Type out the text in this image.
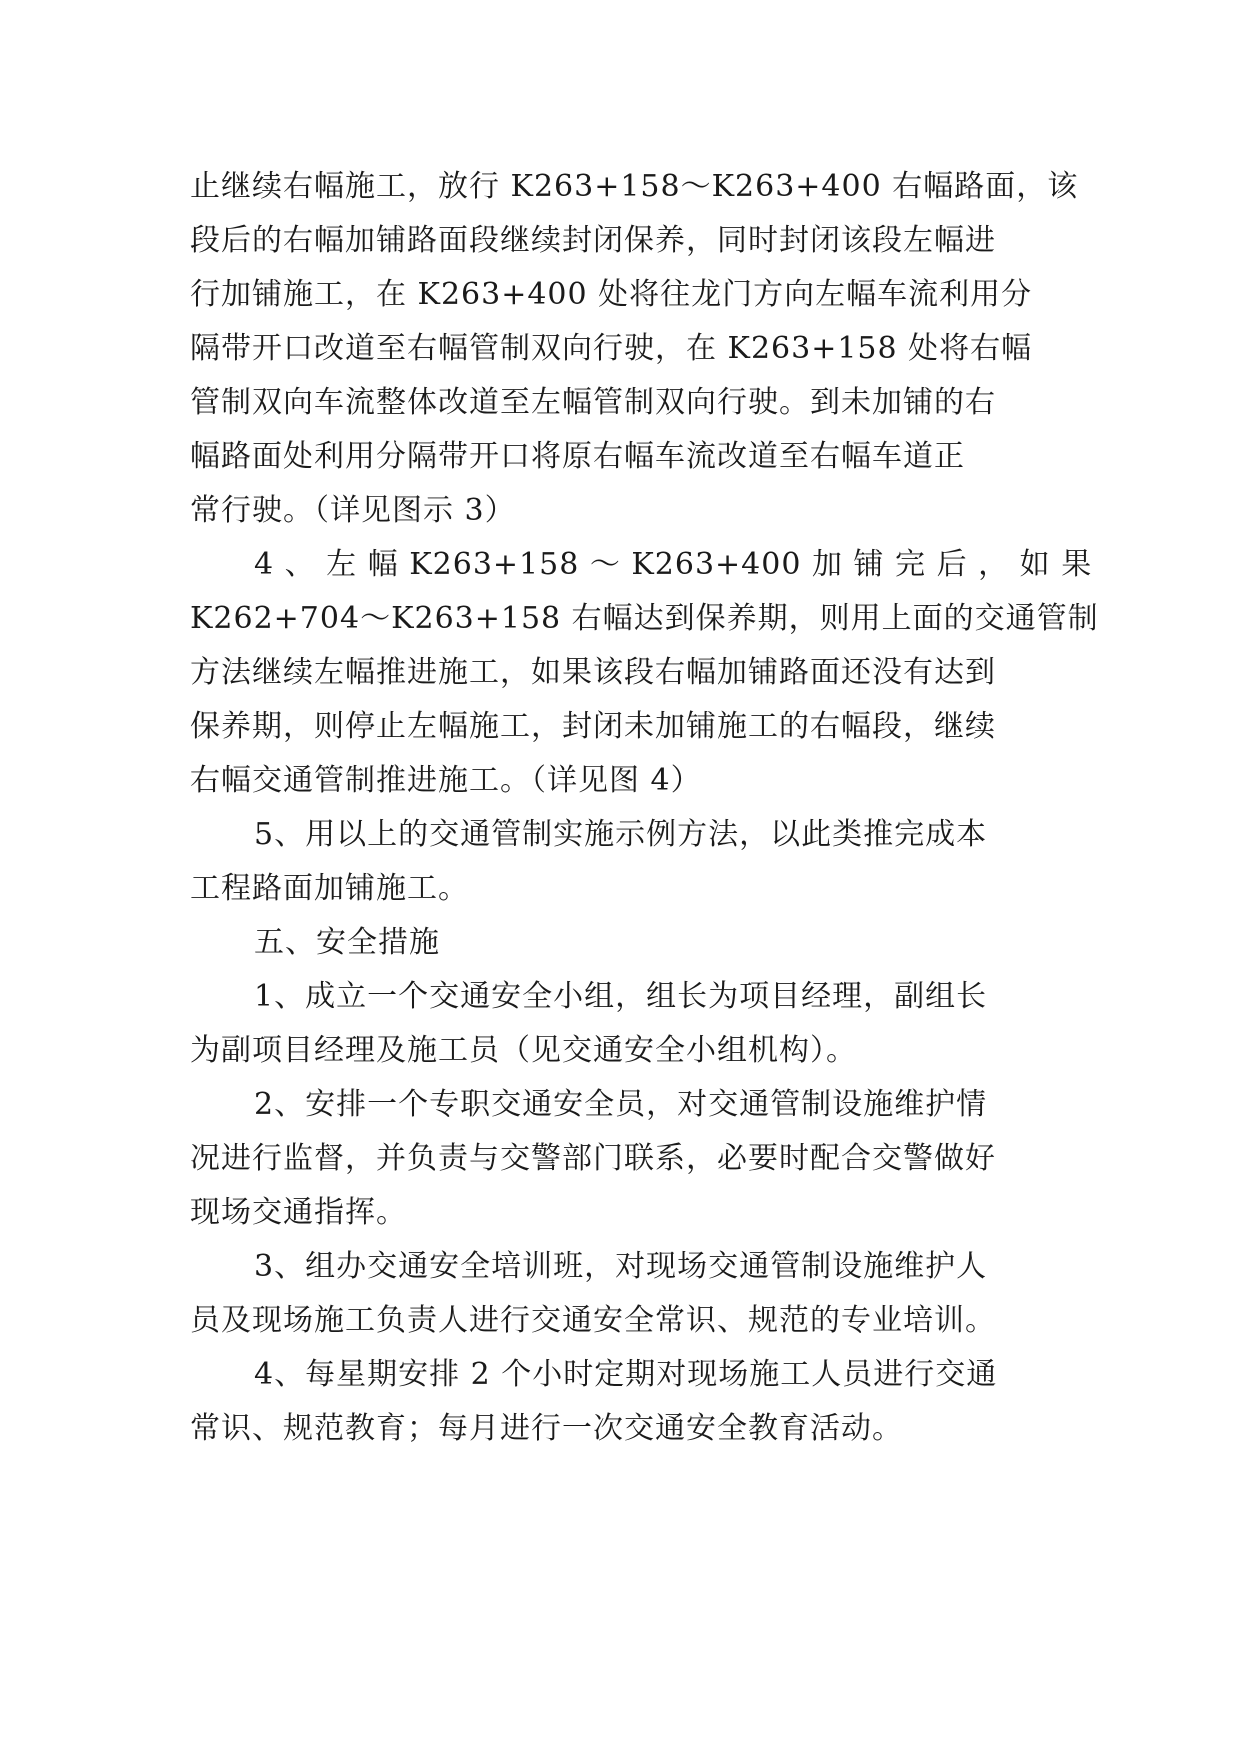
止继续右幅施工，放行 K263+158～K263+400 右幅路面，该
段后的右幅加铺路面段继续封闭保养，同时封闭该段左幅进
行加铺施工，在 K263+400 处将往龙门方向左幅车流利用分
隔带开口改道至右幅管制双向行驶，在 K263+158 处将右幅
管制双向车流整体改道至左幅管制双向行驶。到未加铺的右
幅路面处利用分隔带开口将原右幅车流改道至右幅车道正
常行驶。（详见图示 3）
4 、 左 幅 K263+158 ～ K263+400 加 铺 完 后 ， 如 果
K262+704～K263+158 右幅达到保养期，则用上面的交通管制
方法继续左幅推进施工，如果该段右幅加铺路面还没有达到
保养期，则停止左幅施工，封闭未加铺施工的右幅段，继续
右幅交通管制推进施工。（详见图 4）
5、用以上的交通管制实施示例方法，以此类推完成本
工程路面加铺施工。
五、安全措施
1、成立一个交通安全小组，组长为项目经理，副组长
为副项目经理及施工员（见交通安全小组机构）。
2、安排一个专职交通安全员，对交通管制设施维护情
况进行监督，并负责与交警部门联系，必要时配合交警做好
现场交通指挥。
3、组办交通安全培训班，对现场交通管制设施维护人
员及现场施工负责人进行交通安全常识、规范的专业培训。
4、每星期安排 2 个小时定期对现场施工人员进行交通
常识、规范教育；每月进行一次交通安全教育活动。
